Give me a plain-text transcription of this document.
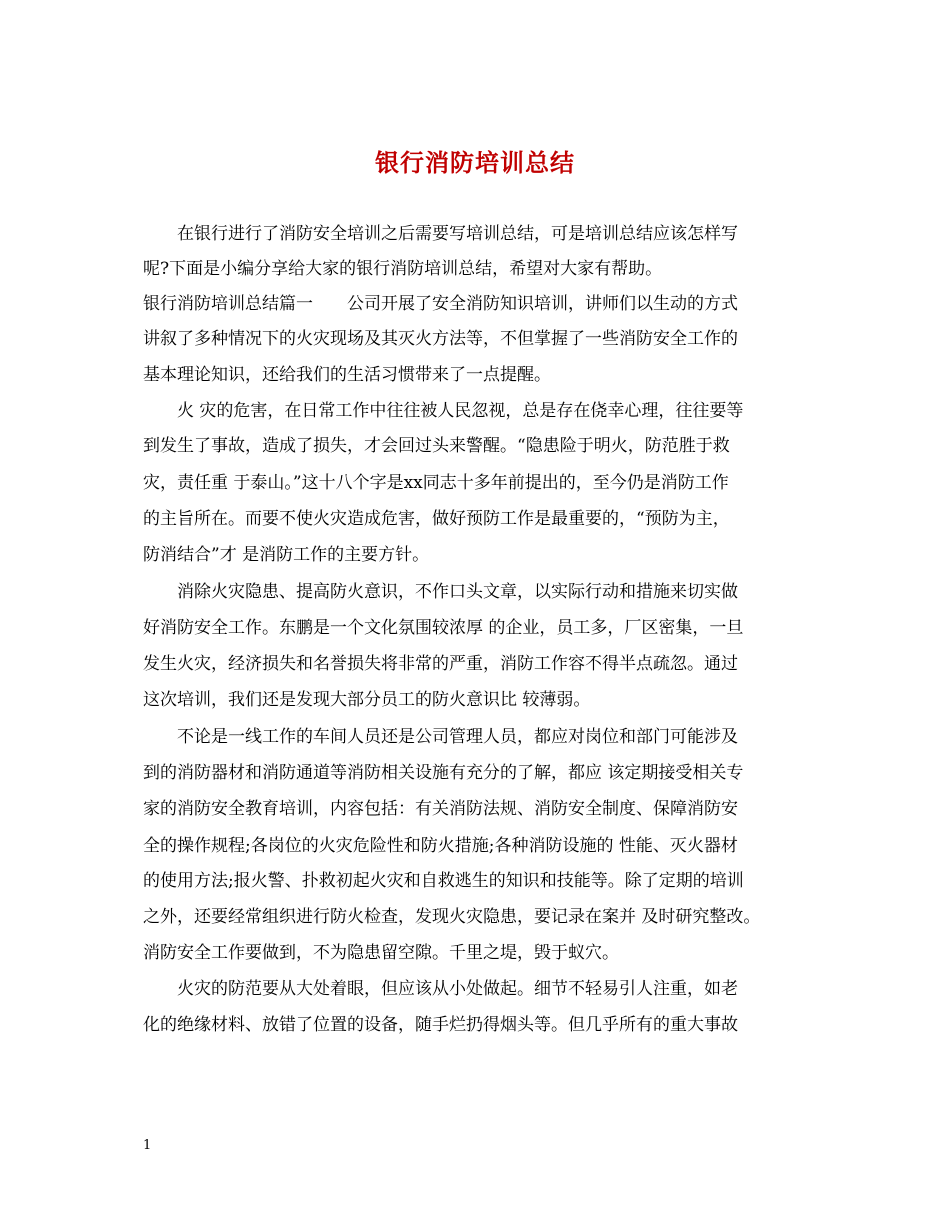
银行消防培训总结
　　在银行进行了消防安全培训之后需要写培训总结，可是培训总结应该怎样写
呢?下面是小编分享给大家的银行消防培训总结，希望对大家有帮助。
银行消防培训总结篇一　　公司开展了安全消防知识培训，讲师们以生动的方式
讲叙了多种情况下的火灾现场及其灭火方法等，不但掌握了一些消防安全工作的
基本理论知识，还给我们的生活习惯带来了一点提醒。
　　火 灾的危害，在日常工作中往往被人民忽视，总是存在侥幸心理，往往要等
到发生了事故，造成了损失，才会回过头来警醒。“隐患险于明火，防范胜于救
灾，责任重 于泰山。”这十八个字是xx同志十多年前提出的，至今仍是消防工作
的主旨所在。而要不使火灾造成危害，做好预防工作是最重要的，“预防为主，
防消结合”才 是消防工作的主要方针。
　　消除火灾隐患、提高防火意识，不作口头文章，以实际行动和措施来切实做
好消防安全工作。东鹏是一个文化氛围较浓厚 的企业，员工多，厂区密集，一旦
发生火灾，经济损失和名誉损失将非常的严重，消防工作容不得半点疏忽。通过
这次培训，我们还是发现大部分员工的防火意识比 较薄弱。
　　不论是一线工作的车间人员还是公司管理人员，都应对岗位和部门可能涉及
到的消防器材和消防通道等消防相关设施有充分的了解，都应 该定期接受相关专
家的消防安全教育培训，内容包括：有关消防法规、消防安全制度、保障消防安
全的操作规程;各岗位的火灾危险性和防火措施;各种消防设施的 性能、灭火器材
的使用方法;报火警、扑救初起火灾和自救逃生的知识和技能等。除了定期的培训
之外，还要经常组织进行防火检查，发现火灾隐患，要记录在案并 及时研究整改。
消防安全工作要做到，不为隐患留空隙。千里之堤，毁于蚁穴。
　　火灾的防范要从大处着眼，但应该从小处做起。细节不轻易引人注重，如老
化的绝缘材料、放错了位置的设备，随手烂扔得烟头等。但几乎所有的重大事故
1
